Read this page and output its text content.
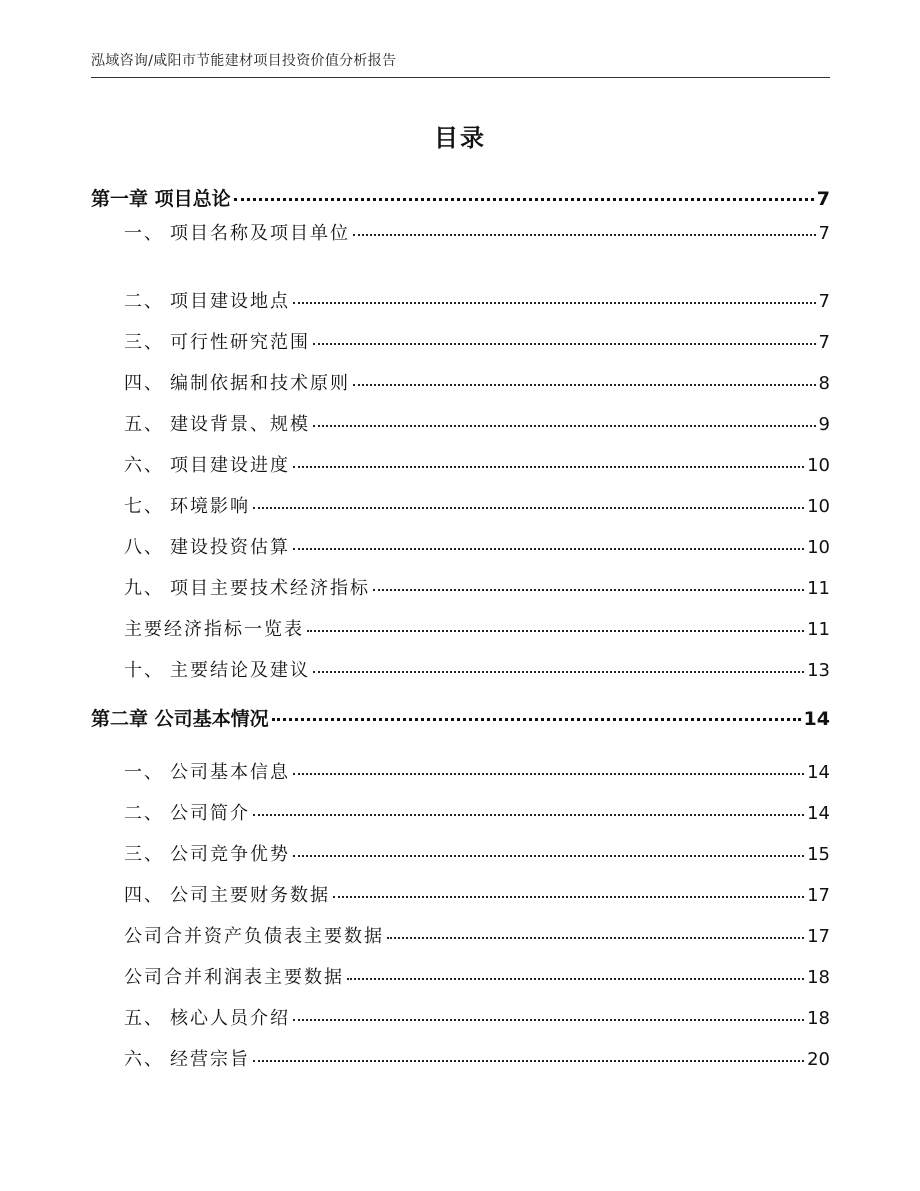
泓域咨询/咸阳市节能建材项目投资价值分析报告
目录
第一章 项目总论	7
一、 项目名称及项目单位	7
二、 项目建设地点	7
三、 可行性研究范围	7
四、 编制依据和技术原则	8
五、 建设背景、规模	9
六、 项目建设进度	10
七、 环境影响	10
八、 建设投资估算	10
九、 项目主要技术经济指标	11
主要经济指标一览表	11
十、 主要结论及建议	13
第二章 公司基本情况	14
一、 公司基本信息	14
二、 公司简介	14
三、 公司竞争优势	15
四、 公司主要财务数据	17
公司合并资产负债表主要数据	17
公司合并利润表主要数据	18
五、 核心人员介绍	18
六、 经营宗旨	20
